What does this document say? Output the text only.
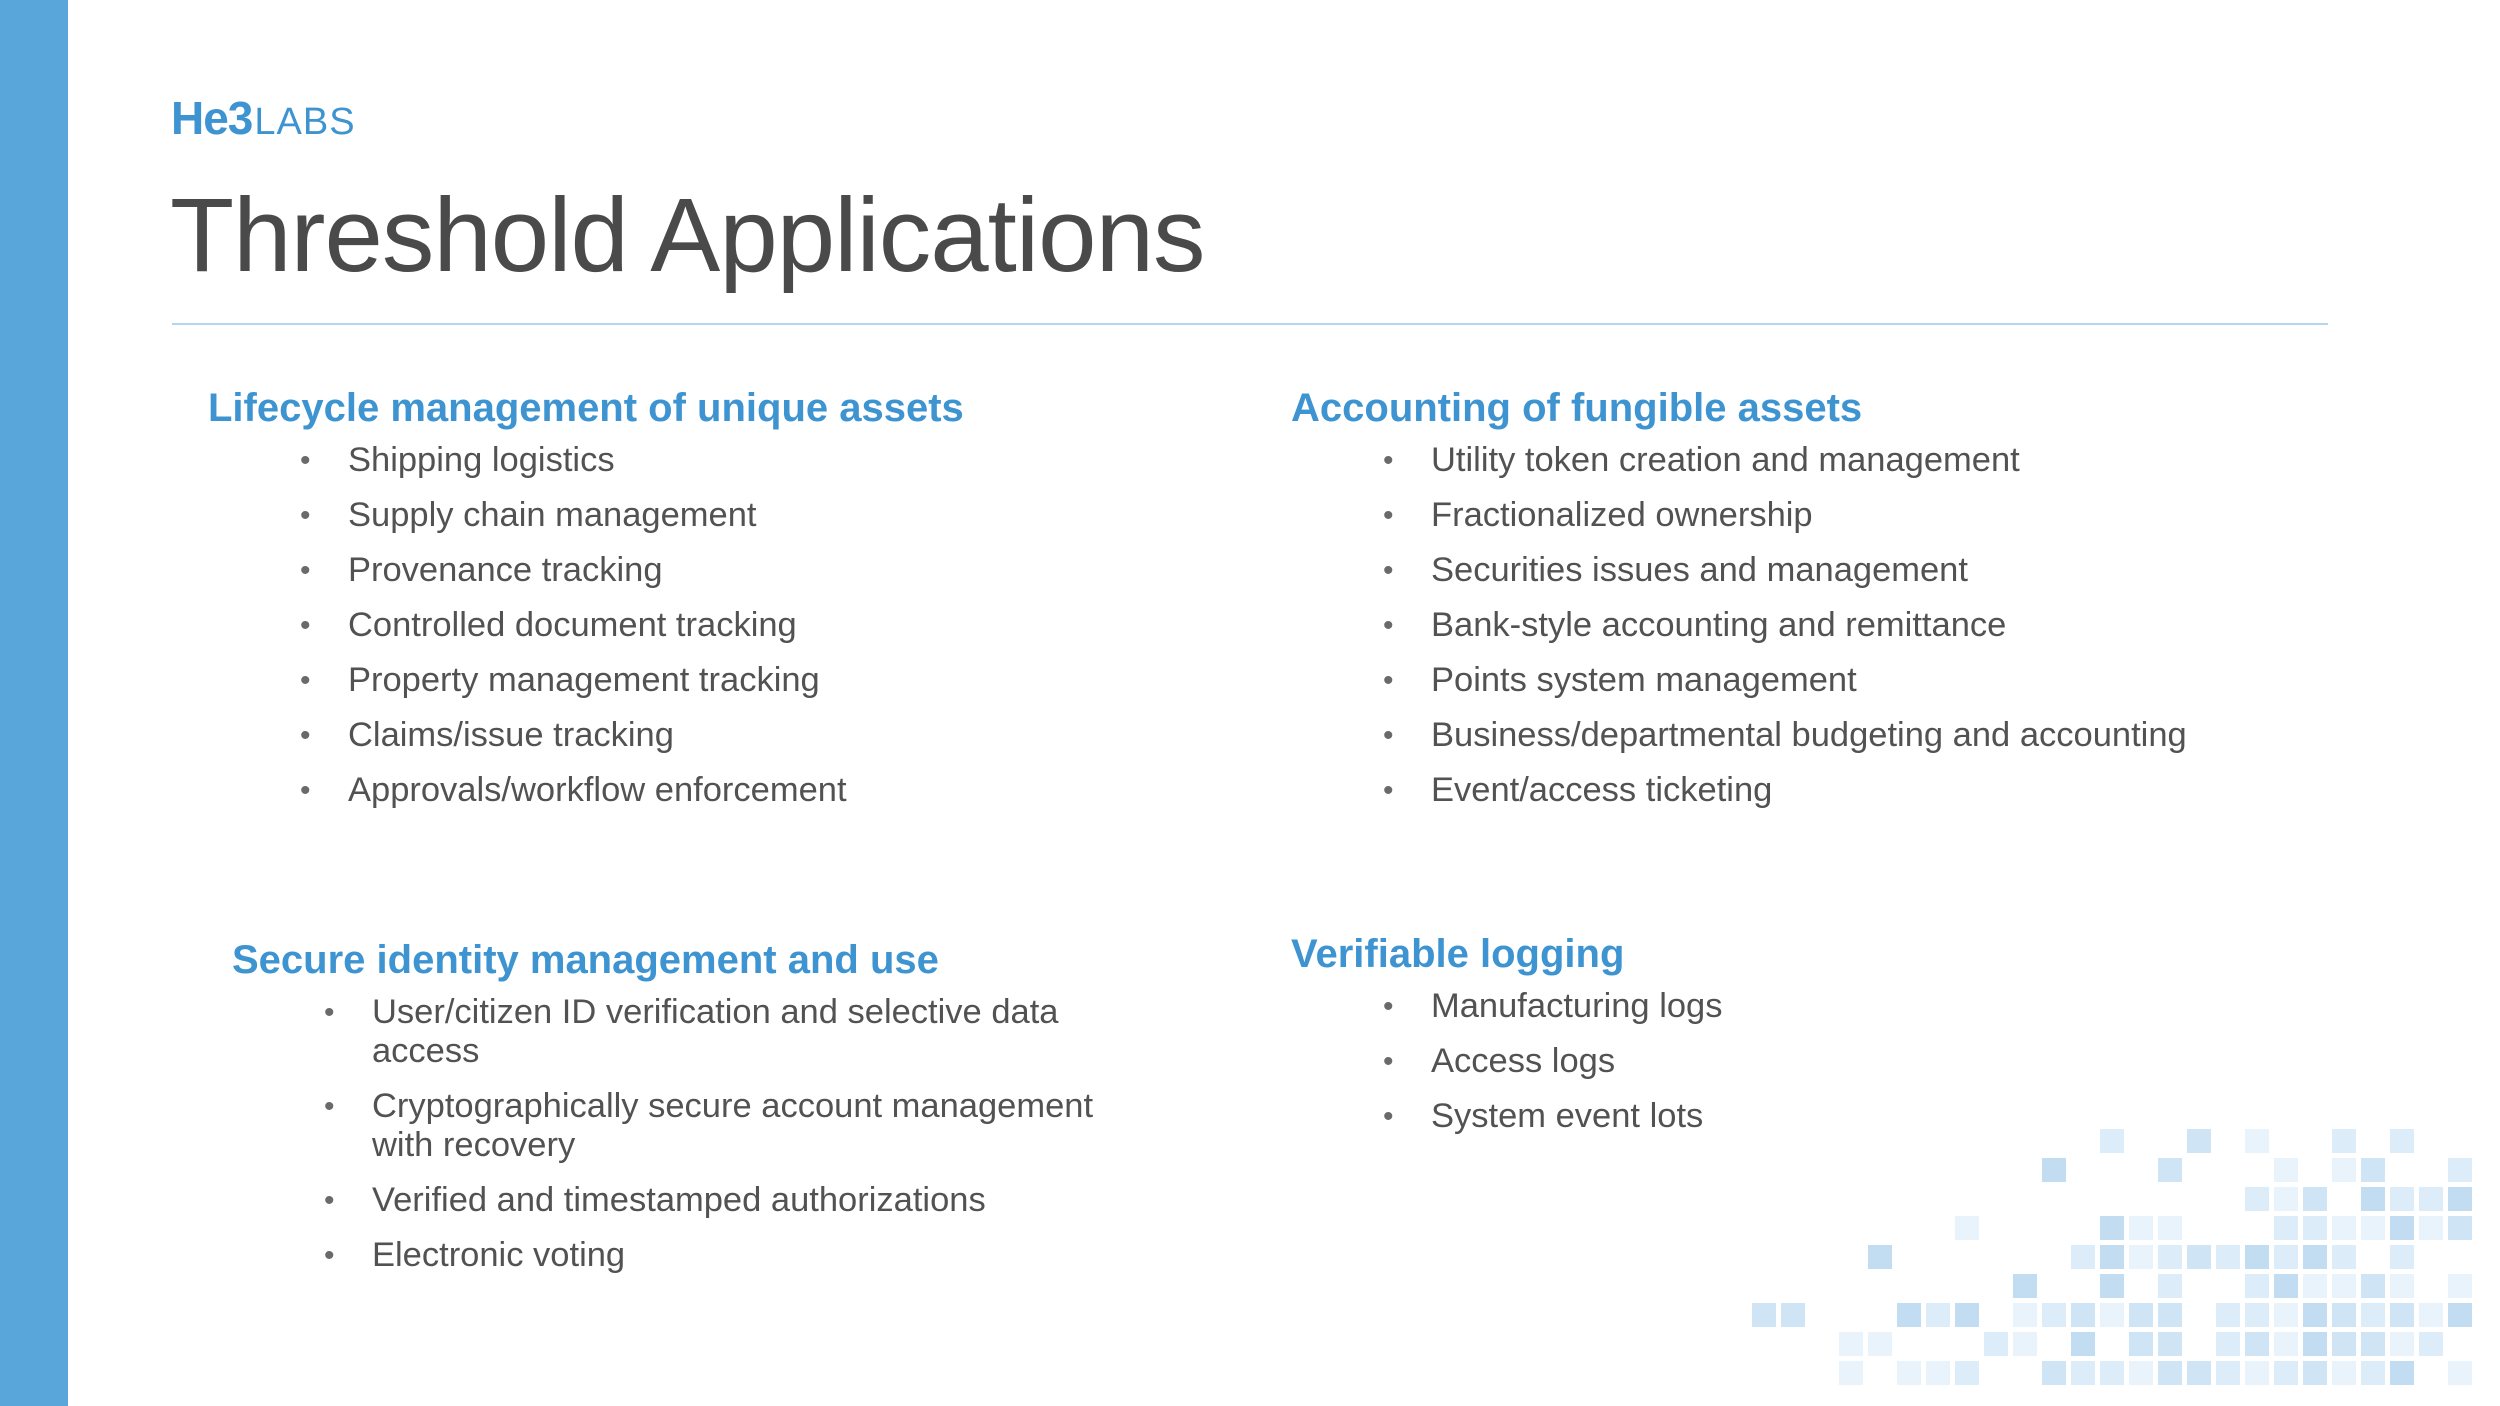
He3LABS
Threshold Applications
Lifecycle management of unique assets
• Shipping logistics
• Supply chain management
• Provenance tracking
• Controlled document tracking
• Property management tracking
• Claims/issue tracking
• Approvals/workflow enforcement
Accounting of fungible assets
• Utility token creation and management
• Fractionalized ownership
• Securities issues and management
• Bank-style accounting and remittance
• Points system management
• Business/departmental budgeting and accounting
• Event/access ticketing
Secure identity management and use
• User/citizen ID verification and selective data access
• Cryptographically secure account management with recovery
• Verified and timestamped authorizations
• Electronic voting
Verifiable logging
• Manufacturing logs
• Access logs
• System event lots
